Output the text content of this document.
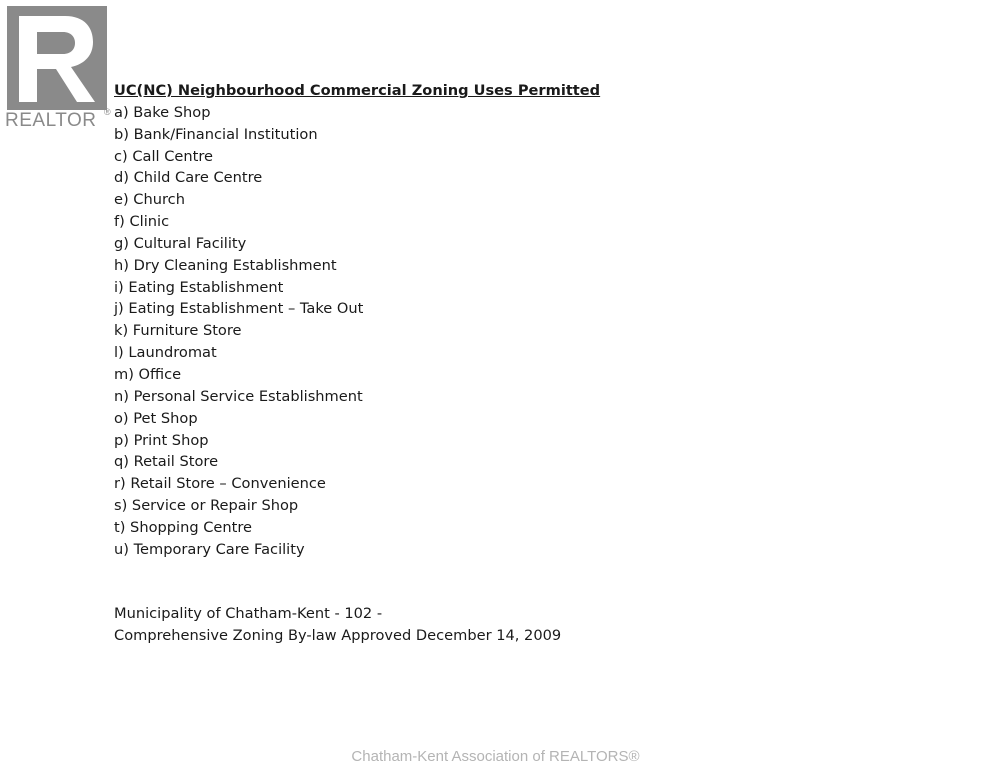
REALTOR ®
UC(NC) Neighbourhood Commercial Zoning Uses Permitted
a) Bake Shop
b) Bank/Financial Institution
c) Call Centre
d) Child Care Centre
e) Church
f) Clinic
g) Cultural Facility
h) Dry Cleaning Establishment
i) Eating Establishment
j) Eating Establishment – Take Out
k) Furniture Store
l) Laundromat
m) Office
n) Personal Service Establishment
o) Pet Shop
p) Print Shop
q) Retail Store
r) Retail Store – Convenience
s) Service or Repair Shop
t) Shopping Centre
u) Temporary Care Facility
Municipality of Chatham-Kent - 102 -
Comprehensive Zoning By-law Approved December 14, 2009
Chatham-Kent Association of REALTORS®
